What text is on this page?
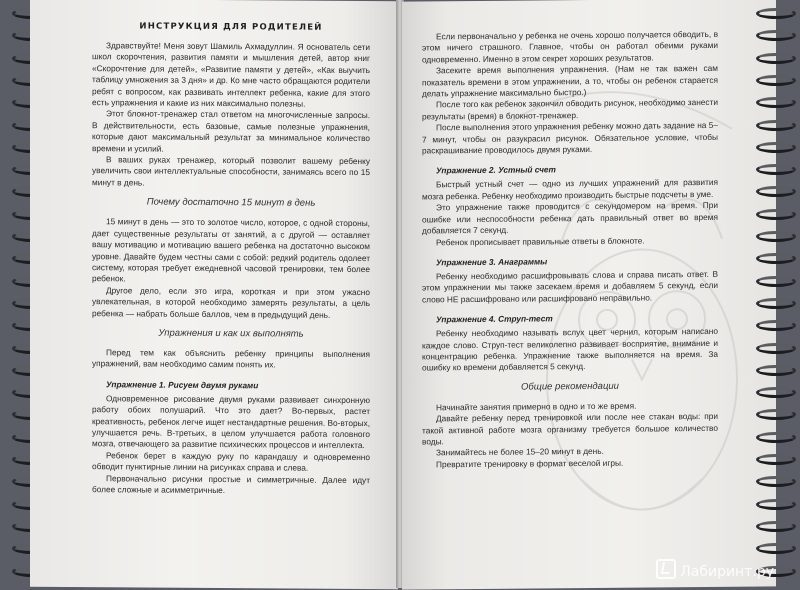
ИНСТРУКЦИЯ ДЛЯ РОДИТЕЛЕЙ

Здравствуйте! Меня зовут Шамиль Ахмадуллин. Я основатель сети школ скорочтения, развития памяти и мышления детей, автор книг «Скорочтение для детей», «Развитие памяти у детей», «Как выучить таблицу умножения за 3 дня» и др. Ко мне часто обращаются родители ребят с вопросом, как развивать интеллект ребенка, какие для этого есть упражнения и какие из них максимально полезны.

Этот блокнот-тренажер стал ответом на многочисленные запросы. В действительности, есть базовые, самые полезные упражнения, которые дают максимальный результат за минимальное количество времени и усилий.

В ваших руках тренажер, который позволит вашему ребенку увеличить свои интеллектуальные способности, занимаясь всего по 15 минут в день.

Почему достаточно 15 минут в день

15 минут в день — это то золотое число, которое, с одной стороны, дает существенные результаты от занятий, а с другой — оставляет вашу мотивацию и мотивацию вашего ребенка на достаточно высоком уровне. Давайте будем честны сами с собой: редкий родитель одолеет систему, которая требует ежедневной часовой тренировки, тем более ребенок.

Другое дело, если это игра, короткая и при этом ужасно увлекательная, в которой необходимо замерять результаты, а цель ребенка — набрать больше баллов, чем в предыдущий день.

Упражнения и как их выполнять

Перед тем как объяснить ребенку принципы выполнения упражнений, вам необходимо самим понять их.

Упражнение 1. Рисуем двумя руками

Одновременное рисование двумя руками развивает синхронную работу обоих полушарий. Что это дает? Во-первых, растет креативность, ребенок легче ищет нестандартные решения. Во-вторых, улучшается речь. В-третьих, в целом улучшается работа головного мозга, отвечающего за развитие психических процессов и интеллекта.

Ребенок берет в каждую руку по карандашу и одновременно обводит пунктирные линии на рисунках справа и слева.

Первоначально рисунки простые и симметричные. Далее идут более сложные и асимметричные.

Если первоначально у ребенка не очень хорошо получается обводить, в этом ничего страшного. Главное, чтобы он работал обеими руками одновременно. Именно в этом секрет хороших результатов.

Засеките время выполнения упражнения. (Нам не так важен сам показатель времени в этом упражнении, а то, чтобы он ребенок старается делать упражнение максимально быстро.)

После того как ребенок закончил обводить рисунок, необходимо занести результаты (время) в блокнот-тренажер.

После выполнения этого упражнения ребенку можно дать задание на 5–7 минут, чтобы он разукрасил рисунок. Обязательное условие, чтобы раскрашивание проводилось двумя руками.

Упражнение 2. Устный счет

Быстрый устный счет — одно из лучших упражнений для развития мозга ребенка. Ребенку необходимо производить быстрые подсчеты в уме.

Это упражнение также проводится с секундомером на время. При ошибке или неспособности ребенка дать правильный ответ во время добавляется 7 секунд.

Ребенок прописывает правильные ответы в блокноте.

Упражнение 3. Анаграммы

Ребенку необходимо расшифровывать слова и справа писать ответ. В этом упражнении мы также засекаем время и добавляем 5 секунд, если слово НЕ расшифровано или расшифровано неправильно.

Упражнение 4. Струп-тест

Ребенку необходимо называть вслух цвет чернил, которым написано каждое слово. Струп-тест великолепно развивает восприятие, внимание и концентрацию ребенка. Упражнение также выполняется на время. За ошибку ко времени добавляется 5 секунд.

Общие рекомендации

Начинайте занятия примерно в одно и то же время.

Давайте ребенку перед тренировкой или после нее стакан воды: при такой активной работе мозга организму требуется большое количество воды.

Занимайтесь не более 15–20 минут в день.

Превратите тренировку в формат веселой игры.

Лабиринт.ру
